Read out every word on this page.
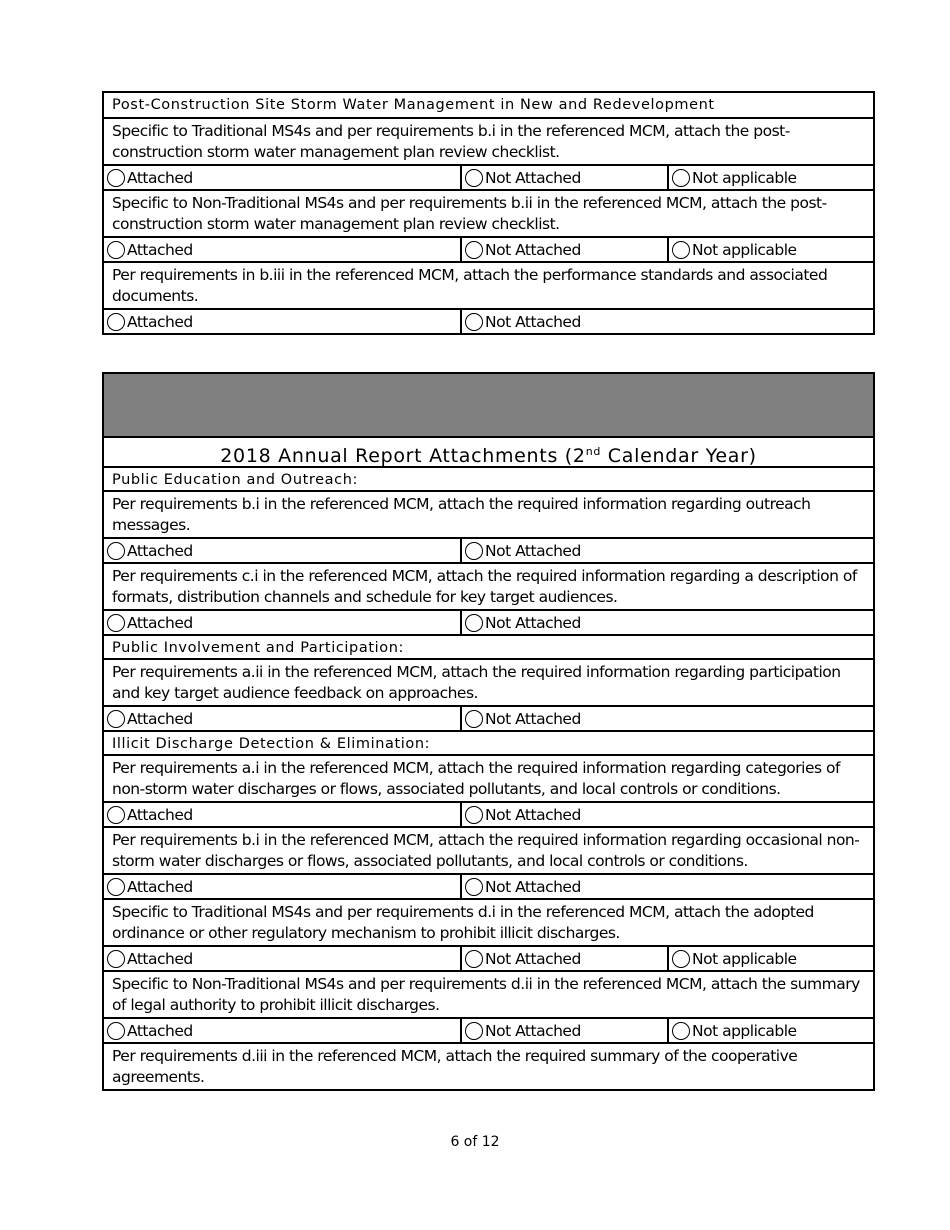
Post-Construction Site Storm Water Management in New and Redevelopment
Specific to Traditional MS4s and per requirements b.i in the referenced MCM, attach the post-construction storm water management plan review checklist.
Attached	Not Attached	Not applicable
Specific to Non-Traditional MS4s and per requirements b.ii in the referenced MCM, attach the post-construction storm water management plan review checklist.
Attached	Not Attached	Not applicable
Per requirements in b.iii in the referenced MCM, attach the performance standards and associated documents.
Attached	Not Attached
2018 Annual Report Attachments (2nd Calendar Year)
Public Education and Outreach:
Per requirements b.i in the referenced MCM, attach the required information regarding outreach messages.
Attached	Not Attached
Per requirements c.i in the referenced MCM, attach the required information regarding a description of formats, distribution channels and schedule for key target audiences.
Attached	Not Attached
Public Involvement and Participation:
Per requirements a.ii in the referenced MCM, attach the required information regarding participation and key target audience feedback on approaches.
Attached	Not Attached
Illicit Discharge Detection & Elimination:
Per requirements a.i in the referenced MCM, attach the required information regarding categories of non-storm water discharges or flows, associated pollutants, and local controls or conditions.
Attached	Not Attached
Per requirements b.i in the referenced MCM, attach the required information regarding occasional non-storm water discharges or flows, associated pollutants, and local controls or conditions.
Attached	Not Attached
Specific to Traditional MS4s and per requirements d.i in the referenced MCM, attach the adopted ordinance or other regulatory mechanism to prohibit illicit discharges.
Attached	Not Attached	Not applicable
Specific to Non-Traditional MS4s and per requirements d.ii in the referenced MCM, attach the summary of legal authority to prohibit illicit discharges.
Attached	Not Attached	Not applicable
Per requirements d.iii in the referenced MCM, attach the required summary of the cooperative agreements.
6 of 12
